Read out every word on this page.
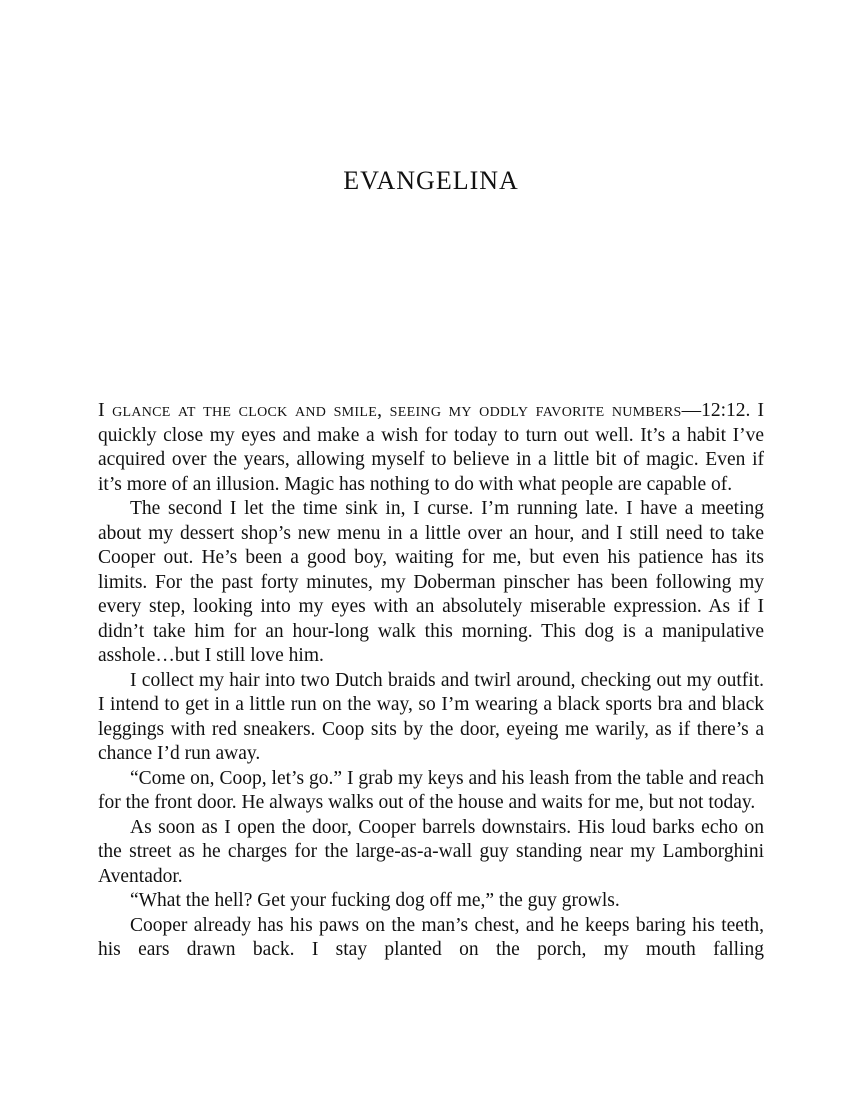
EVANGELINA

I glance at the clock and smile, seeing my oddly favorite numbers—12:12. I quickly close my eyes and make a wish for today to turn out well. It’s a habit I’ve acquired over the years, allowing myself to believe in a little bit of magic. Even if it’s more of an illusion. Magic has nothing to do with what people are capable of.

The second I let the time sink in, I curse. I’m running late. I have a meeting about my dessert shop’s new menu in a little over an hour, and I still need to take Cooper out. He’s been a good boy, waiting for me, but even his patience has its limits. For the past forty minutes, my Doberman pinscher has been following my every step, looking into my eyes with an absolutely miserable expression. As if I didn’t take him for an hour-long walk this morning. This dog is a manipulative asshole…but I still love him.

I collect my hair into two Dutch braids and twirl around, checking out my outfit. I intend to get in a little run on the way, so I’m wearing a black sports bra and black leggings with red sneakers. Coop sits by the door, eyeing me warily, as if there’s a chance I’d run away.

“Come on, Coop, let’s go.” I grab my keys and his leash from the table and reach for the front door. He always walks out of the house and waits for me, but not today.

As soon as I open the door, Cooper barrels downstairs. His loud barks echo on the street as he charges for the large-as-a-wall guy standing near my Lamborghini Aventador.

“What the hell? Get your fucking dog off me,” the guy growls.

Cooper already has his paws on the man’s chest, and he keeps baring his teeth, his ears drawn back. I stay planted on the porch, my mouth falling
